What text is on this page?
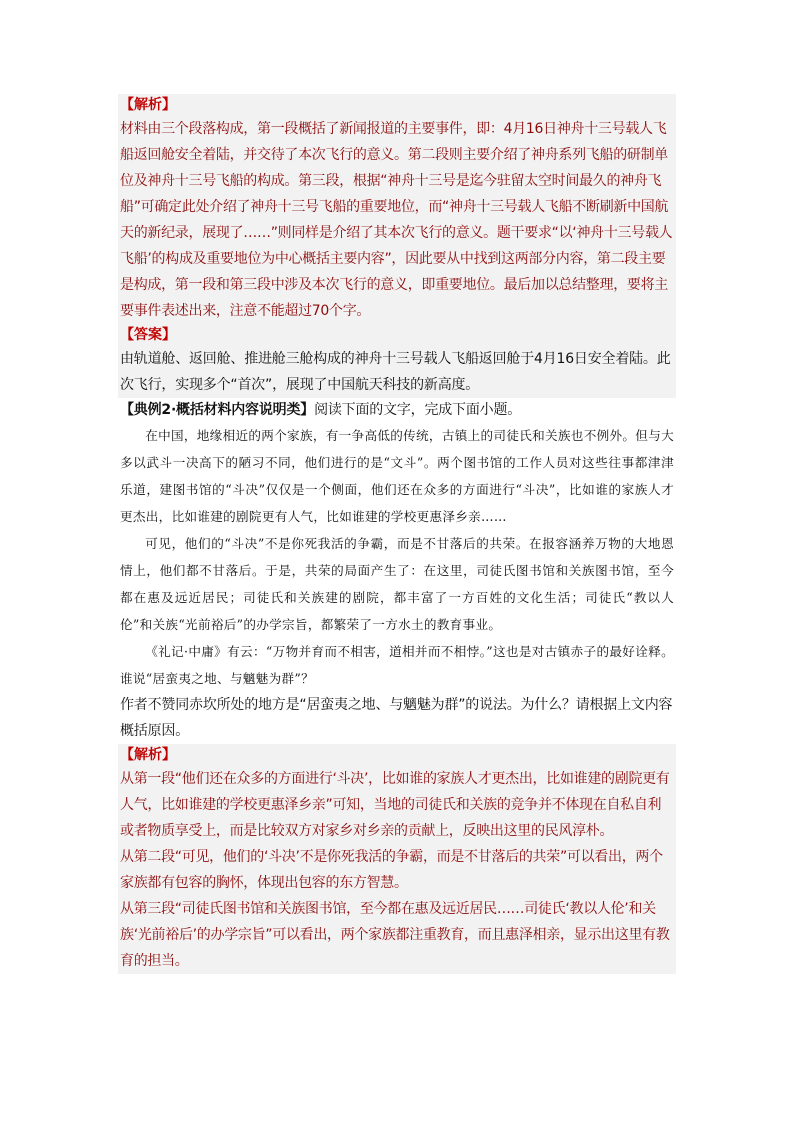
【解析】
材料由三个段落构成，第一段概括了新闻报道的主要事件，即：4月16日神舟十三号载人飞船返回舱安全着陆，并交待了本次飞行的意义。第二段则主要介绍了神舟系列飞船的研制单位及神舟十三号飞船的构成。第三段，根据“神舟十三号是迄今驻留太空时间最久的神舟飞船”可确定此处介绍了神舟十三号飞船的重要地位，而“神舟十三号载人飞船不断刷新中国航天的新纪录，展现了……”则同样是介绍了其本次飞行的意义。题干要求“以‘神舟十三号载人飞船’的构成及重要地位为中心概括主要内容”，因此要从中找到这两部分内容，第二段主要是构成，第一段和第三段中涉及本次飞行的意义，即重要地位。最后加以总结整理，要将主要事件表述出来，注意不能超过70个字。
【答案】
由轨道舱、返回舱、推进舱三舱构成的神舟十三号载人飞船返回舱于4月16日安全着陆。此次飞行，实现多个“首次”，展现了中国航天科技的新高度。
【典例2·概括材料内容说明类】阅读下面的文字，完成下面小题。

在中国，地缘相近的两个家族，有一争高低的传统，古镇上的司徒氏和关族也不例外。但与大多以武斗一决高下的陋习不同，他们进行的是“文斗”。两个图书馆的工作人员对这些往事都津津乐道，建图书馆的“斗决”仅仅是一个侧面，他们还在众多的方面进行“斗决”，比如谁的家族人才更杰出，比如谁建的剧院更有人气，比如谁建的学校更惠泽乡亲……

可见，他们的“斗决”不是你死我活的争霸，而是不甘落后的共荣。在报容涵养万物的大地恩情上，他们都不甘落后。于是，共荣的局面产生了：在这里，司徒氏图书馆和关族图书馆，至今都在惠及远近居民；司徒氏和关族建的剧院，都丰富了一方百姓的文化生活；司徒氏“教以人伦”和关族“光前裕后”的办学宗旨，都繁荣了一方水土的教育事业。

《礼记·中庸》有云：“万物并育而不相害，道相并而不相悖。”这也是对古镇赤子的最好诠释。谁说“居蛮夷之地、与魑魅为群”？

作者不赞同赤坎所处的地方是“居蛮夷之地、与魑魅为群”的说法。为什么？请根据上文内容概括原因。
【解析】
从第一段“他们还在众多的方面进行‘斗决’，比如谁的家族人才更杰出，比如谁建的剧院更有人气，比如谁建的学校更惠泽乡亲”可知，当地的司徒氏和关族的竞争并不体现在自私自利或者物质享受上，而是比较双方对家乡对乡亲的贡献上，反映出这里的民风淳朴。
从第二段“可见，他们的‘斗决’不是你死我活的争霸，而是不甘落后的共荣”可以看出，两个家族都有包容的胸怀，体现出包容的东方智慧。
从第三段“司徒氏图书馆和关族图书馆，至今都在惠及远近居民……司徒氏‘教以人伦’和关族‘光前裕后’的办学宗旨”可以看出，两个家族都注重教育，而且惠泽相亲，显示出这里有教育的担当。
